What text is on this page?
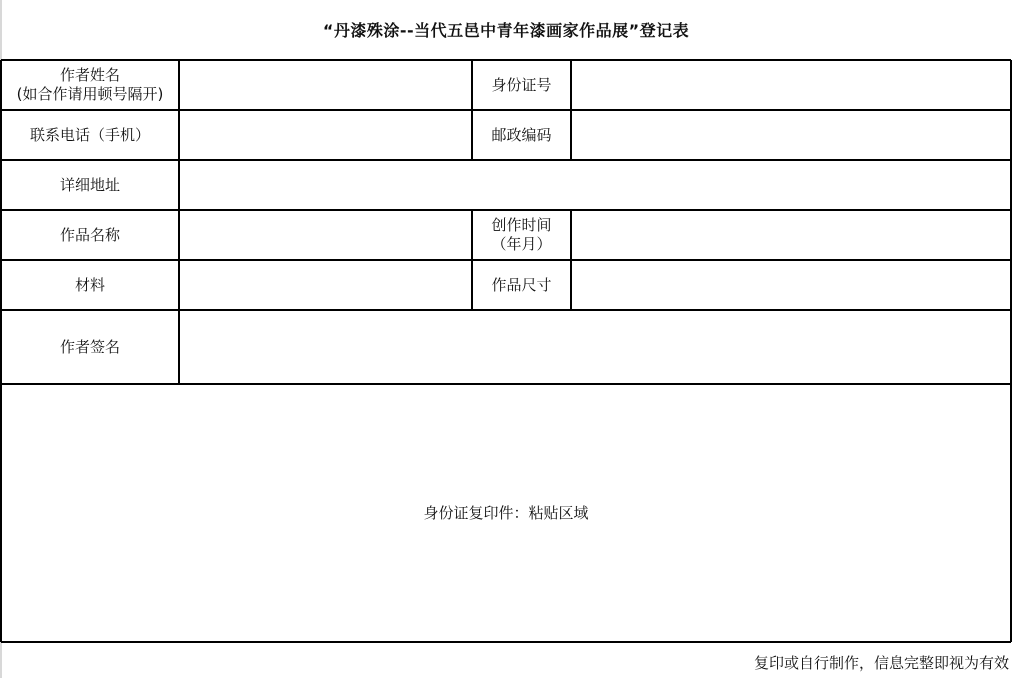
“丹漆殊涂--当代五邑中青年漆画家作品展”登记表
作者姓名
(如合作请用顿号隔开)
身份证号
联系电话（手机）	邮政编码
详细地址
作品名称
创作时间
（年月）
材料	作品尺寸
作者签名
身份证复印件：粘贴区域
复印或自行制作，信息完整即视为有效
